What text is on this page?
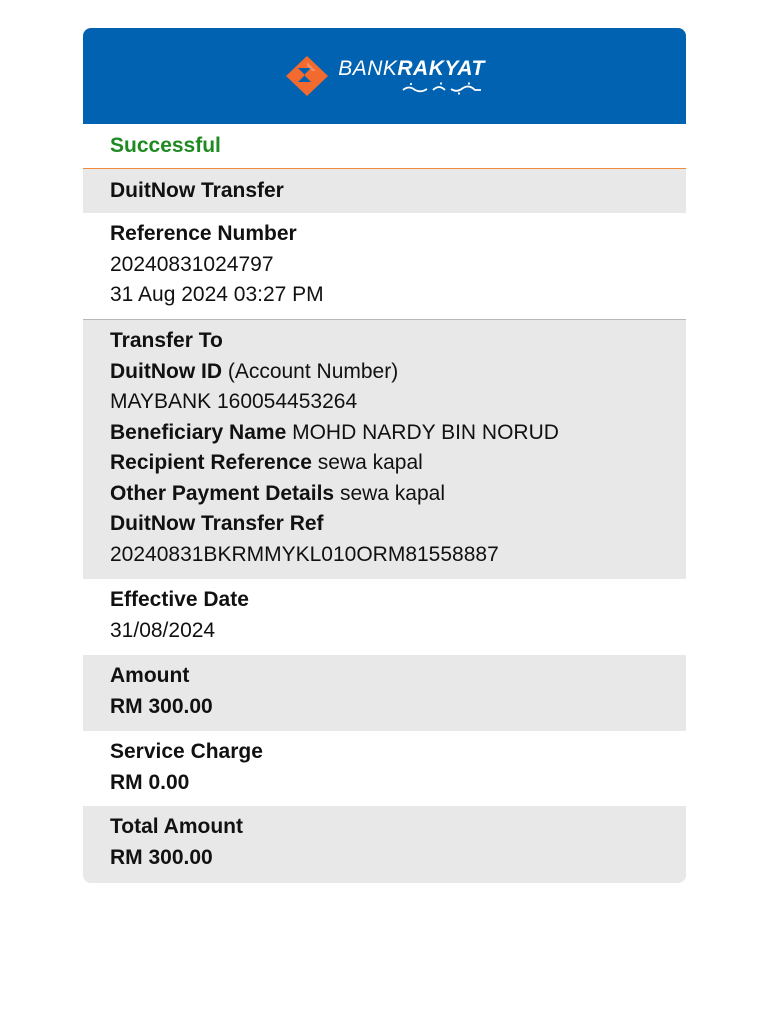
BANKRAKYAT
Successful
DuitNow Transfer
Reference Number
20240831024797
31 Aug 2024 03:27 PM
Transfer To
DuitNow ID (Account Number)
MAYBANK 160054453264
Beneficiary Name MOHD NARDY BIN NORUD
Recipient Reference sewa kapal
Other Payment Details sewa kapal
DuitNow Transfer Ref
20240831BKRMMYKL010ORM81558887
Effective Date
31/08/2024
Amount
RM 300.00
Service Charge
RM 0.00
Total Amount
RM 300.00
